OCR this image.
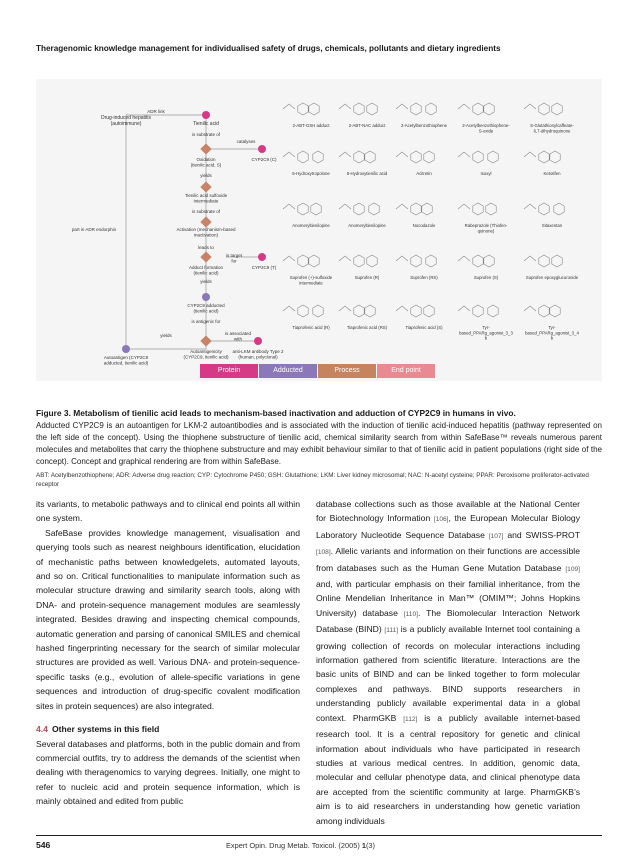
Theragenomic knowledge management for individualised safety of drugs, chemicals, pollutants and dietary ingredients
Drug-induced hepatitis (autoimmune)
ADR link
Tienilic acid
is substrate of
catalyses
Oxidation (tienilic acid, S)
yields
CYP2C9 (C)
Tienilic acid sulfoxide intermediate
is substrate of
part in ADR endorphin	Activation (mechanism-based inactivation)
leads to
Adduct formation (tienilic acid)
yields
is target for
CYP2C9 (T)
CYP2C9 adducted (tienilic acid)
is antigenic for
yields
Autoantigen (CYP2C9 adducted, tienilic acid)
Autoantigenicity (CYP2C9, tienilic acid)
is associated with
anti-LKM antibody Type 2 (human, polyclonal)
2-ABT-GSH adduct	2-ABT-NAC adduct	2-Acetylbenzothiophene	2-Acetylbenzothiophene-S-oxide
S-Glutathionylcaffeate-6,7-dihydroquinone
5-Hydroxytropolone	5-Hydroxytienilic acid	Acitretin	Isoxyl	Ketotifen
Anomeryltienilopine	Anomeryltienilopine	Nocodazole	Rabeprazole (Thiofen-quinone)
Sitaxentan
Suprofen (+)-sulfoxide intermediate
Suprofen (R)	Suprofen (RS)	Suprofen (S)	Suprofen epoxyglucuronide
Tiaprofenic acid (R)	Tiaprofenic acid (RS)	Tiaprofenic acid (S)	Tyr-based_PPARg_agonist_3_3 b
Tyr-based_PPARg_agonist_3_4 b
Protein	Adducted	Process	End point
Figure 3. Metabolism of tienilic acid leads to mechanism-based inactivation and adduction of CYP2C9 in humans in vivo.
Adducted CYP2C9 is an autoantigen for LKM-2 autoantibodies and is associated with the induction of tienilic acid-induced hepatitis (pathway represented on the left side of the concept). Using the thiophene substructure of tienilic acid, chemical similarity search from within SafeBase™ reveals numerous parent molecules and metabolites that carry the thiophene substructure and may exhibit behaviour similar to that of tienilic acid in patient populations (right side of the concept). Concept and graphical rendering are from within SafeBase.
ABT: Acetylbenzothiophene; ADR: Adverse drug reaction; CYP: Cytochrome P450; GSH: Glutathione; LKM: Liver kidney microsomal; NAC: N-acetyl cysteine; PPAR: Peroxisome proliferator-activated receptor

its variants, to metabolic pathways and to clinical end points all within one system.

SafeBase provides knowledge management, visualisation and querying tools such as nearest neighbours identification, elucidation of mechanistic paths between knowledgelets, automated layouts, and so on. Critical functionalities to manipulate information such as molecular structure drawing and similarity search tools, along with DNA- and protein-sequence management modules are seamlessly integrated. Besides drawing and inspecting chemical compounds, automatic generation and parsing of canonical SMILES and chemical hashed fingerprinting necessary for the search of similar molecular structures are provided as well. Various DNA- and protein-sequence-specific tasks (e.g., evolution of allele-specific variations in gene sequences and introduction of drug-specific covalent modification sites in protein sequences) are also integrated.

4.4 Other systems in this field

Several databases and platforms, both in the public domain and from commercial outfits, try to address the demands of the scientist when dealing with theragenomics to varying degrees. Initially, one might to refer to nucleic acid and protein sequence information, which is mainly obtained and edited from public

database collections such as those available at the National Center for Biotechnology Information [106], the European Molecular Biology Laboratory Nucleotide Sequence Database [107] and SWISS-PROT [108]. Allelic variants and information on their functions are accessible from databases such as the Human Gene Mutation Database [109] and, with particular emphasis on their familial inheritance, from the Online Mendelian Inheritance in Man™ (OMIM™; Johns Hopkins University) database [110]. The Biomolecular Interaction Network Database (BIND) [111] is a publicly available Internet tool containing a growing collection of records on molecular interactions including information gathered from scientific literature. Interactions are the basic units of BIND and can be linked together to form molecular complexes and pathways. BIND supports researchers in understanding publicly available experimental data in a global context. PharmGKB [112] is a publicly available internet-based research tool. It is a central repository for genetic and clinical information about individuals who have participated in research studies at various medical centres. In addition, genomic data, molecular and cellular phenotype data, and clinical phenotype data are accepted from the scientific community at large. PharmGKB’s aim is to aid researchers in understanding how genetic variation among individuals

546	Expert Opin. Drug Metab. Toxicol. (2005) 1(3)
